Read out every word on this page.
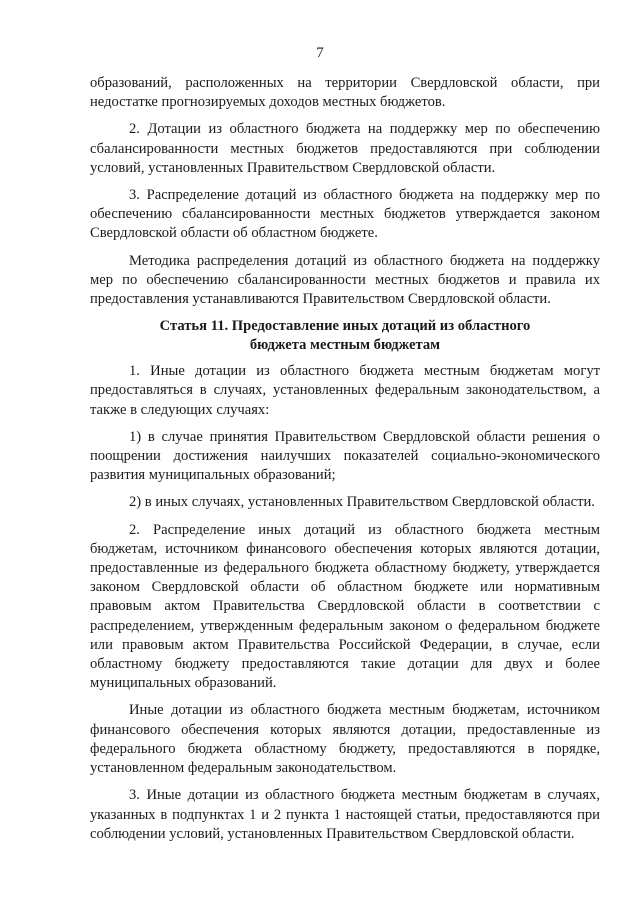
7

образований, расположенных на территории Свердловской области, при недостатке прогнозируемых доходов местных бюджетов.

2. Дотации из областного бюджета на поддержку мер по обеспечению сбалансированности местных бюджетов предоставляются при соблюдении условий, установленных Правительством Свердловской области.

3. Распределение дотаций из областного бюджета на поддержку мер по обеспечению сбалансированности местных бюджетов утверждается законом Свердловской области об областном бюджете.

Методика распределения дотаций из областного бюджета на поддержку мер по обеспечению сбалансированности местных бюджетов и правила их предоставления устанавливаются Правительством Свердловской области.

Статья 11. Предоставление иных дотаций из областного
бюджета местным бюджетам

1. Иные дотации из областного бюджета местным бюджетам могут предоставляться в случаях, установленных федеральным законодательством, а также в следующих случаях:

1) в случае принятия Правительством Свердловской области решения о поощрении достижения наилучших показателей социально-экономического развития муниципальных образований;

2) в иных случаях, установленных Правительством Свердловской области.

2. Распределение иных дотаций из областного бюджета местным бюджетам, источником финансового обеспечения которых являются дотации, предоставленные из федерального бюджета областному бюджету, утверждается законом Свердловской области об областном бюджете или нормативным правовым актом Правительства Свердловской области в соответствии с распределением, утвержденным федеральным законом о федеральном бюджете или правовым актом Правительства Российской Федерации, в случае, если областному бюджету предоставляются такие дотации для двух и более муниципальных образований.

Иные дотации из областного бюджета местным бюджетам, источником финансового обеспечения которых являются дотации, предоставленные из федерального бюджета областному бюджету, предоставляются в порядке, установленном федеральным законодательством.

3. Иные дотации из областного бюджета местным бюджетам в случаях, указанных в подпунктах 1 и 2 пункта 1 настоящей статьи, предоставляются при соблюдении условий, установленных Правительством Свердловской области.
